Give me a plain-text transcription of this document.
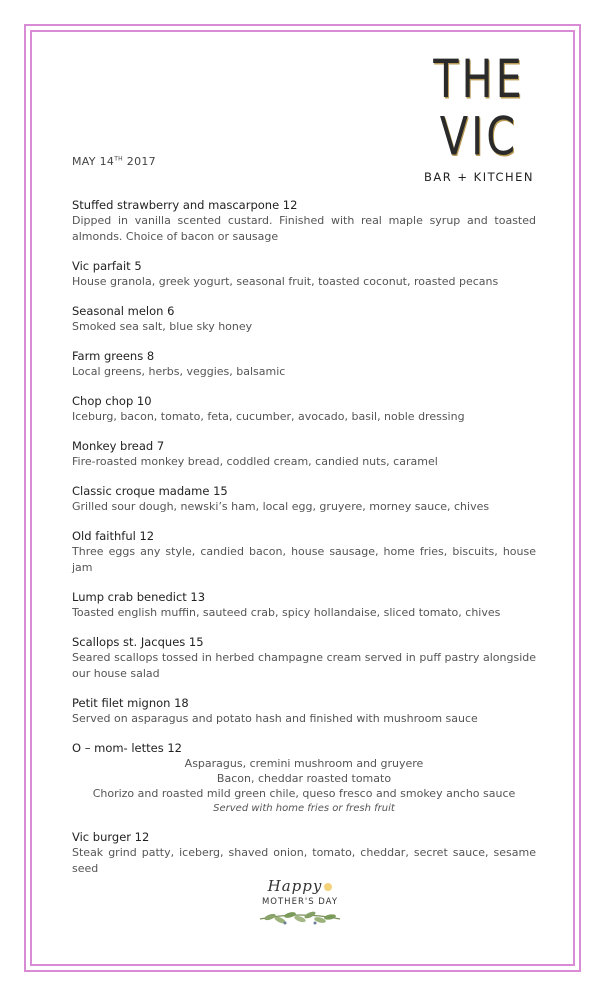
THE VIC
BAR + KITCHEN
MAY 14TH 2017
Stuffed strawberry and mascarpone 12
Dipped in vanilla scented custard. Finished with real maple syrup and toasted almonds. Choice of bacon or sausage
Vic parfait 5
House granola, greek yogurt, seasonal fruit, toasted coconut, roasted pecans
Seasonal melon 6
Smoked sea salt, blue sky honey
Farm greens 8
Local greens, herbs, veggies, balsamic
Chop chop 10
Iceburg, bacon, tomato, feta, cucumber, avocado, basil, noble dressing
Monkey bread 7
Fire-roasted monkey bread, coddled cream, candied nuts, caramel
Classic croque madame 15
Grilled sour dough, newski’s ham, local egg, gruyere, morney sauce, chives
Old faithful 12
Three eggs any style, candied bacon, house sausage, home fries, biscuits, house jam
Lump crab benedict 13
Toasted english muffin, sauteed crab, spicy hollandaise, sliced tomato, chives
Scallops st. Jacques 15
Seared scallops tossed in herbed champagne cream served in puff pastry alongside our house salad
Petit filet mignon 18
Served on asparagus and potato hash and finished with mushroom sauce
O – mom- lettes 12
Asparagus, cremini mushroom and gruyere
Bacon, cheddar roasted tomato
Chorizo and roasted mild green chile, queso fresco and smokey ancho sauce
Served with home fries or fresh fruit
Vic burger 12
Steak grind patty, iceberg, shaved onion, tomato, cheddar, secret sauce, sesame seed
Happy
MOTHER'S DAY
